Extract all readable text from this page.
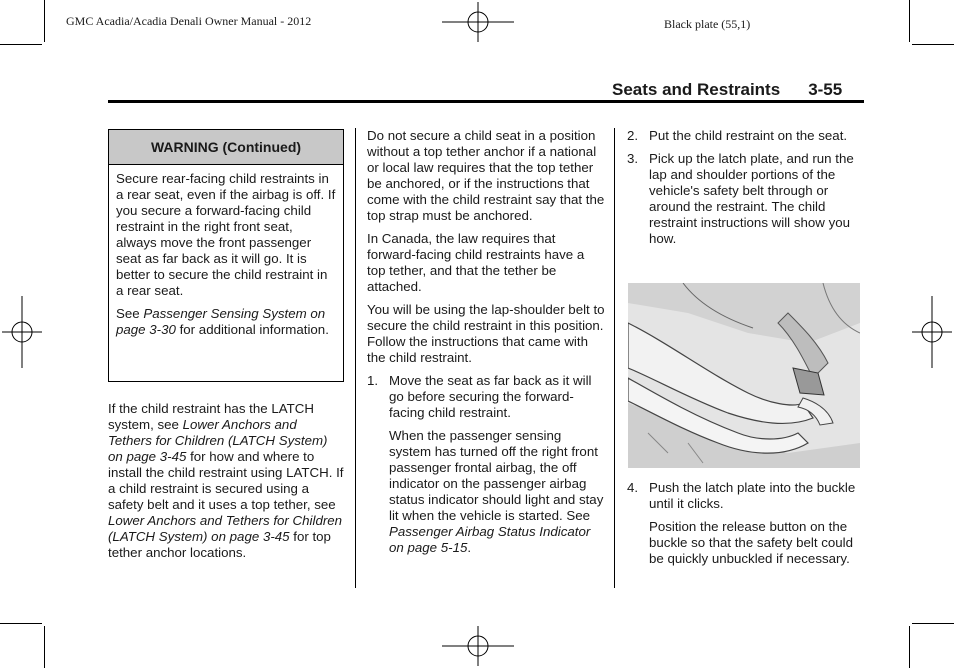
GMC Acadia/Acadia Denali Owner Manual - 2012	Black plate (55,1)
Seats and Restraints 3-55
WARNING (Continued)

Secure rear-facing child restraints in a rear seat, even if the airbag is off. If you secure a forward-facing child restraint in the right front seat, always move the front passenger seat as far back as it will go. It is better to secure the child restraint in a rear seat.

See Passenger Sensing System on page 3-30 for additional information.

If the child restraint has the LATCH system, see Lower Anchors and Tethers for Children (LATCH System) on page 3-45 for how and where to install the child restraint using LATCH. If a child restraint is secured using a safety belt and it uses a top tether, see Lower Anchors and Tethers for Children (LATCH System) on page 3-45 for top tether anchor locations.

Do not secure a child seat in a position without a top tether anchor if a national or local law requires that the top tether be anchored, or if the instructions that come with the child restraint say that the top strap must be anchored.

In Canada, the law requires that forward-facing child restraints have a top tether, and that the tether be attached.

You will be using the lap-shoulder belt to secure the child restraint in this position. Follow the instructions that came with the child restraint.

1. Move the seat as far back as it will go before securing the forward-facing child restraint.

When the passenger sensing system has turned off the right front passenger frontal airbag, the off indicator on the passenger airbag status indicator should light and stay lit when the vehicle is started. See Passenger Airbag Status Indicator on page 5-15.

2. Put the child restraint on the seat.

3. Pick up the latch plate, and run the lap and shoulder portions of the vehicle's safety belt through or around the restraint. The child restraint instructions will show you how.

4. Push the latch plate into the buckle until it clicks.

Position the release button on the buckle so that the safety belt could be quickly unbuckled if necessary.
